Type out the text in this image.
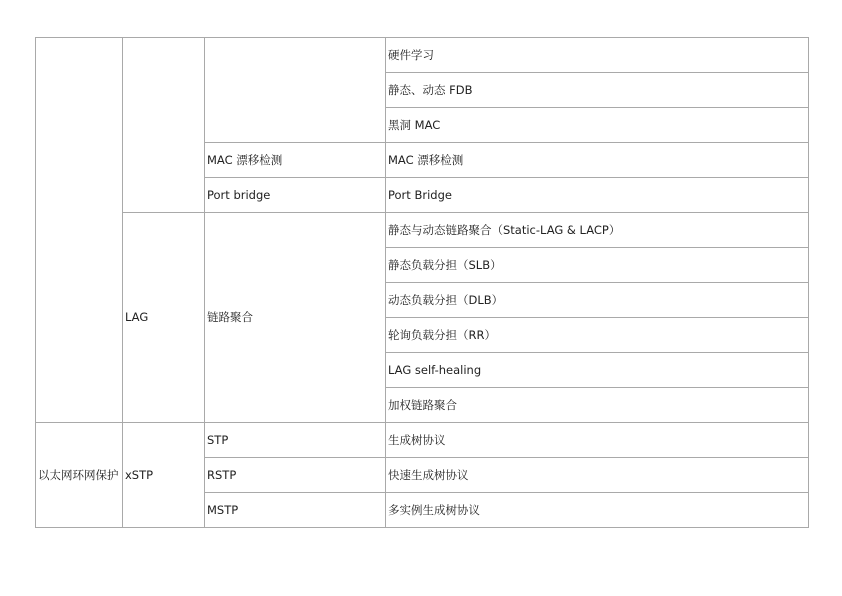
			硬件学习
			静态、动态 FDB
			黑洞 MAC
		MAC 漂移检测	MAC 漂移检测
		Port bridge	Port Bridge
	LAG	链路聚合	静态与动态链路聚合（Static-LAG & LACP）
			静态负载分担（SLB）
			动态负载分担（DLB）
			轮询负载分担（RR）
			LAG self-healing
			加权链路聚合
以太网环网保护	xSTP	STP	生成树协议
		RSTP	快速生成树协议
		MSTP	多实例生成树协议
